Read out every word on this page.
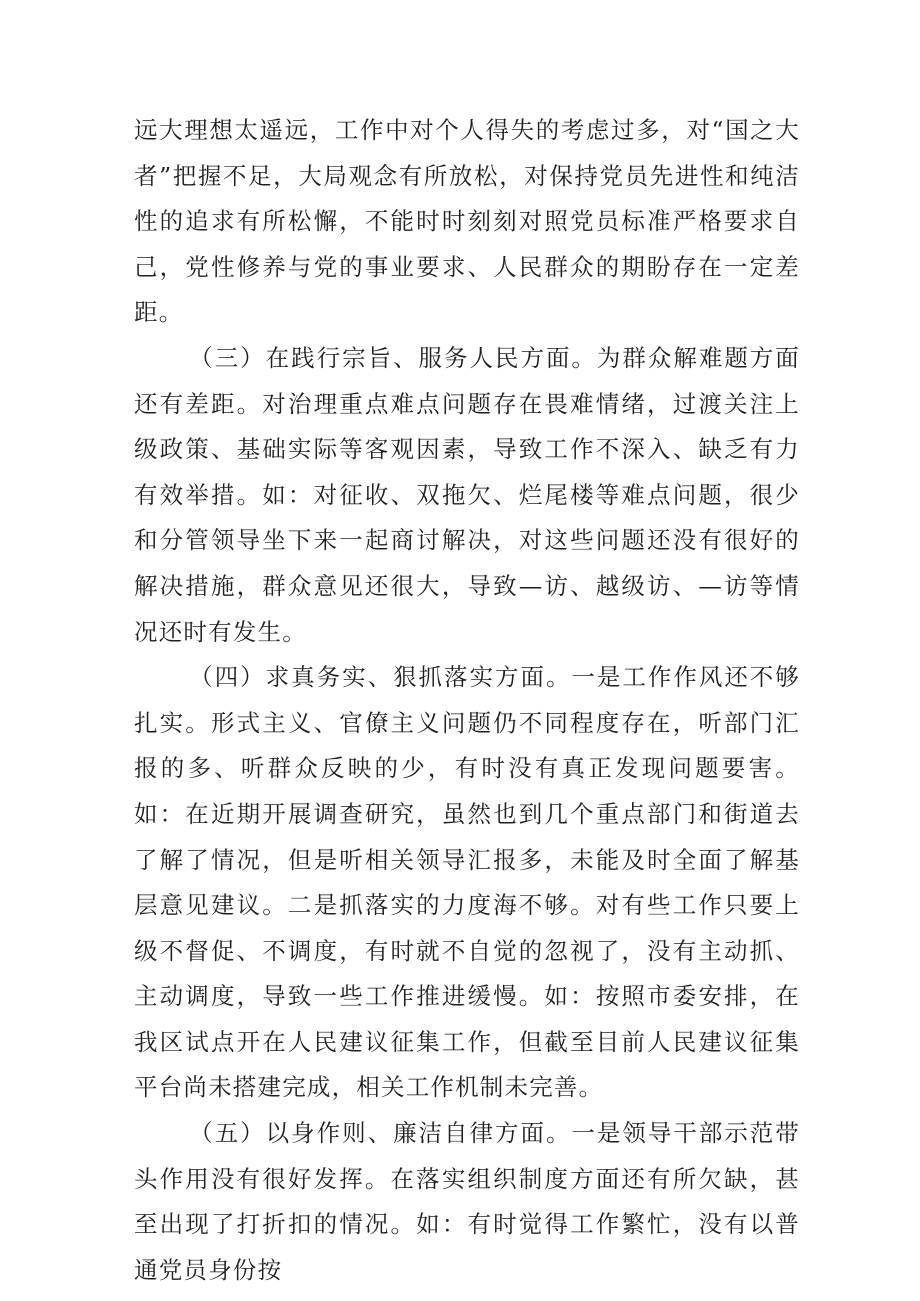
远大理想太遥远，工作中对个人得失的考虑过多，对“国之大者”把握不足，大局观念有所放松，对保持党员先进性和纯洁性的追求有所松懈，不能时时刻刻对照党员标准严格要求自己，党性修养与党的事业要求、人民群众的期盼存在一定差距。

（三）在践行宗旨、服务人民方面。为群众解难题方面还有差距。对治理重点难点问题存在畏难情绪，过渡关注上级政策、基础实际等客观因素，导致工作不深入、缺乏有力有效举措。如：对征收、双拖欠、烂尾楼等难点问题，很少和分管领导坐下来一起商讨解决，对这些问题还没有很好的解决措施，群众意见还很大，导致—访、越级访、—访等情况还时有发生。

（四）求真务实、狠抓落实方面。一是工作作风还不够扎实。形式主义、官僚主义问题仍不同程度存在，听部门汇报的多、听群众反映的少，有时没有真正发现问题要害。如：在近期开展调查研究，虽然也到几个重点部门和街道去了解了情况，但是听相关领导汇报多，未能及时全面了解基层意见建议。二是抓落实的力度海不够。对有些工作只要上级不督促、不调度，有时就不自觉的忽视了，没有主动抓、主动调度，导致一些工作推进缓慢。如：按照市委安排，在我区试点开在人民建议征集工作，但截至目前人民建议征集平台尚未搭建完成，相关工作机制未完善。

（五）以身作则、廉洁自律方面。一是领导干部示范带头作用没有很好发挥。在落实组织制度方面还有所欠缺，甚至出现了打折扣的情况。如：有时觉得工作繁忙，没有以普通党员身份按
